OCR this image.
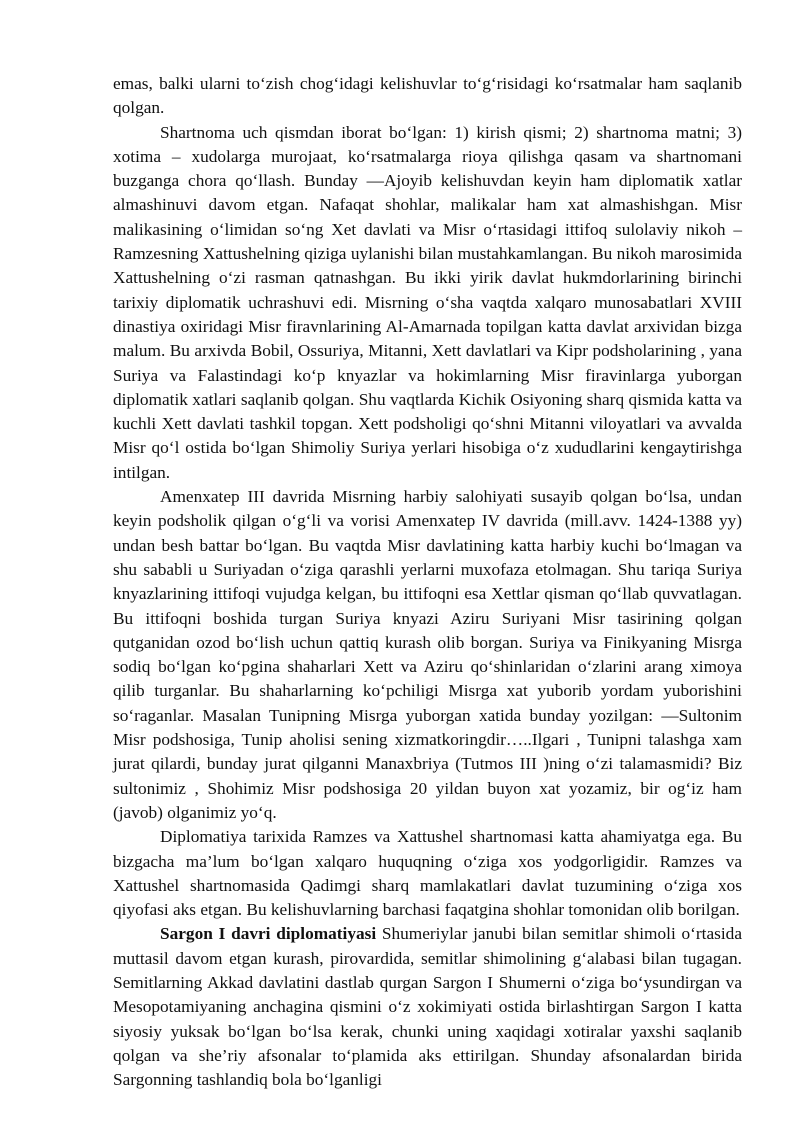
emas, balki ularni to‘zish chog‘idagi kelishuvlar to‘g‘risidagi ko‘rsatmalar ham saqlanib qolgan.

Shartnoma uch qismdan iborat bo‘lgan: 1) kirish qismi; 2) shartnoma matni; 3) xotima – xudolarga murojaat, ko‘rsatmalarga rioya qilishga qasam va shartnomani buzganga chora qo‘llash. Bunday ―Ajoyib kelishuvdan keyin ham diplomatik xatlar almashinuvi davom etgan. Nafaqat shohlar, malikalar ham xat almashishgan. Misr malikasining o‘limidan so‘ng Xet davlati va Misr o‘rtasidagi ittifoq sulolaviy nikoh – Ramzesning Xattushelning qiziga uylanishi bilan mustahkamlangan. Bu nikoh marosimida Xattushelning o‘zi rasman qatnashgan. Bu ikki yirik davlat hukmdorlarining birinchi tarixiy diplomatik uchrashuvi edi. Misrning o‘sha vaqtda xalqaro munosabatlari XVIII dinastiya oxiridagi Misr firavnlarining Al-Amarnada topilgan katta davlat arxividan bizga malum. Bu arxivda Bobil, Ossuriya, Mitanni, Xett davlatlari va Kipr podsholarining , yana Suriya va Falastindagi ko‘p knyazlar va hokimlarning Misr firavinlarga yuborgan diplomatik xatlari saqlanib qolgan. Shu vaqtlarda Kichik Osiyoning sharq qismida katta va kuchli Xett davlati tashkil topgan. Xett podsholigi qo‘shni Mitanni viloyatlari va avvalda Misr qo‘l ostida bo‘lgan Shimoliy Suriya yerlari hisobiga o‘z xududlarini kengaytirishga intilgan.

Amenxatep III davrida Misrning harbiy salohiyati susayib qolgan bo‘lsa, undan keyin podsholik qilgan o‘g‘li va vorisi Amenxatep IV davrida (mill.avv. 1424-1388 yy) undan besh battar bo‘lgan. Bu vaqtda Misr davlatining katta harbiy kuchi bo‘lmagan va shu sababli u Suriyadan o‘ziga qarashli yerlarni muxofaza etolmagan. Shu tariqa Suriya knyazlarining ittifoqi vujudga kelgan, bu ittifoqni esa Xettlar qisman qo‘llab quvvatlagan. Bu ittifoqni boshida turgan Suriya knyazi Aziru Suriyani Misr tasirining qolgan qutganidan ozod bo‘lish uchun qattiq kurash olib borgan. Suriya va Finikyaning Misrga sodiq bo‘lgan ko‘pgina shaharlari Xett va Aziru qo‘shinlaridan o‘zlarini arang ximoya qilib turganlar. Bu shaharlarning ko‘pchiligi Misrga xat yuborib yordam yuborishini so‘raganlar. Masalan Tunipning Misrga yuborgan xatida bunday yozilgan: ―Sultonim Misr podshosiga, Tunip aholisi sening xizmatkoringdir…..Ilgari , Tunipni talashga xam jurat qilardi, bunday jurat qilganni Manaxbriya (Tutmos III )ning o‘zi talamasmidi? Biz sultonimiz , Shohimiz Misr podshosiga 20 yildan buyon xat yozamiz, bir og‘iz ham (javob) olganimiz yo‘q.

Diplomatiya tarixida Ramzes va Xattushel shartnomasi katta ahamiyatga ega. Bu bizgacha ma’lum bo‘lgan xalqaro huquqning o‘ziga xos yodgorligidir. Ramzes va Xattushel shartnomasida Qadimgi sharq mamlakatlari davlat tuzumining o‘ziga xos qiyofasi aks etgan. Bu kelishuvlarning barchasi faqatgina shohlar tomonidan olib borilgan.

Sargon I davri diplomatiyasi Shumeriylar janubi bilan semitlar shimoli o‘rtasida muttasil davom etgan kurash, pirovardida, semitlar shimolining g‘alabasi bilan tugagan. Semitlarning Akkad davlatini dastlab qurgan Sargon I Shumerni o‘ziga bo‘ysundirgan va Mesopotamiyaning anchagina qismini o‘z xokimiyati ostida birlashtirgan Sargon I katta siyosiy yuksak bo‘lgan bo‘lsa kerak, chunki uning xaqidagi xotiralar yaxshi saqlanib qolgan va she’riy afsonalar to‘plamida aks ettirilgan. Shunday afsonalardan birida Sargonning tashlandiq bola bo‘lganligi
